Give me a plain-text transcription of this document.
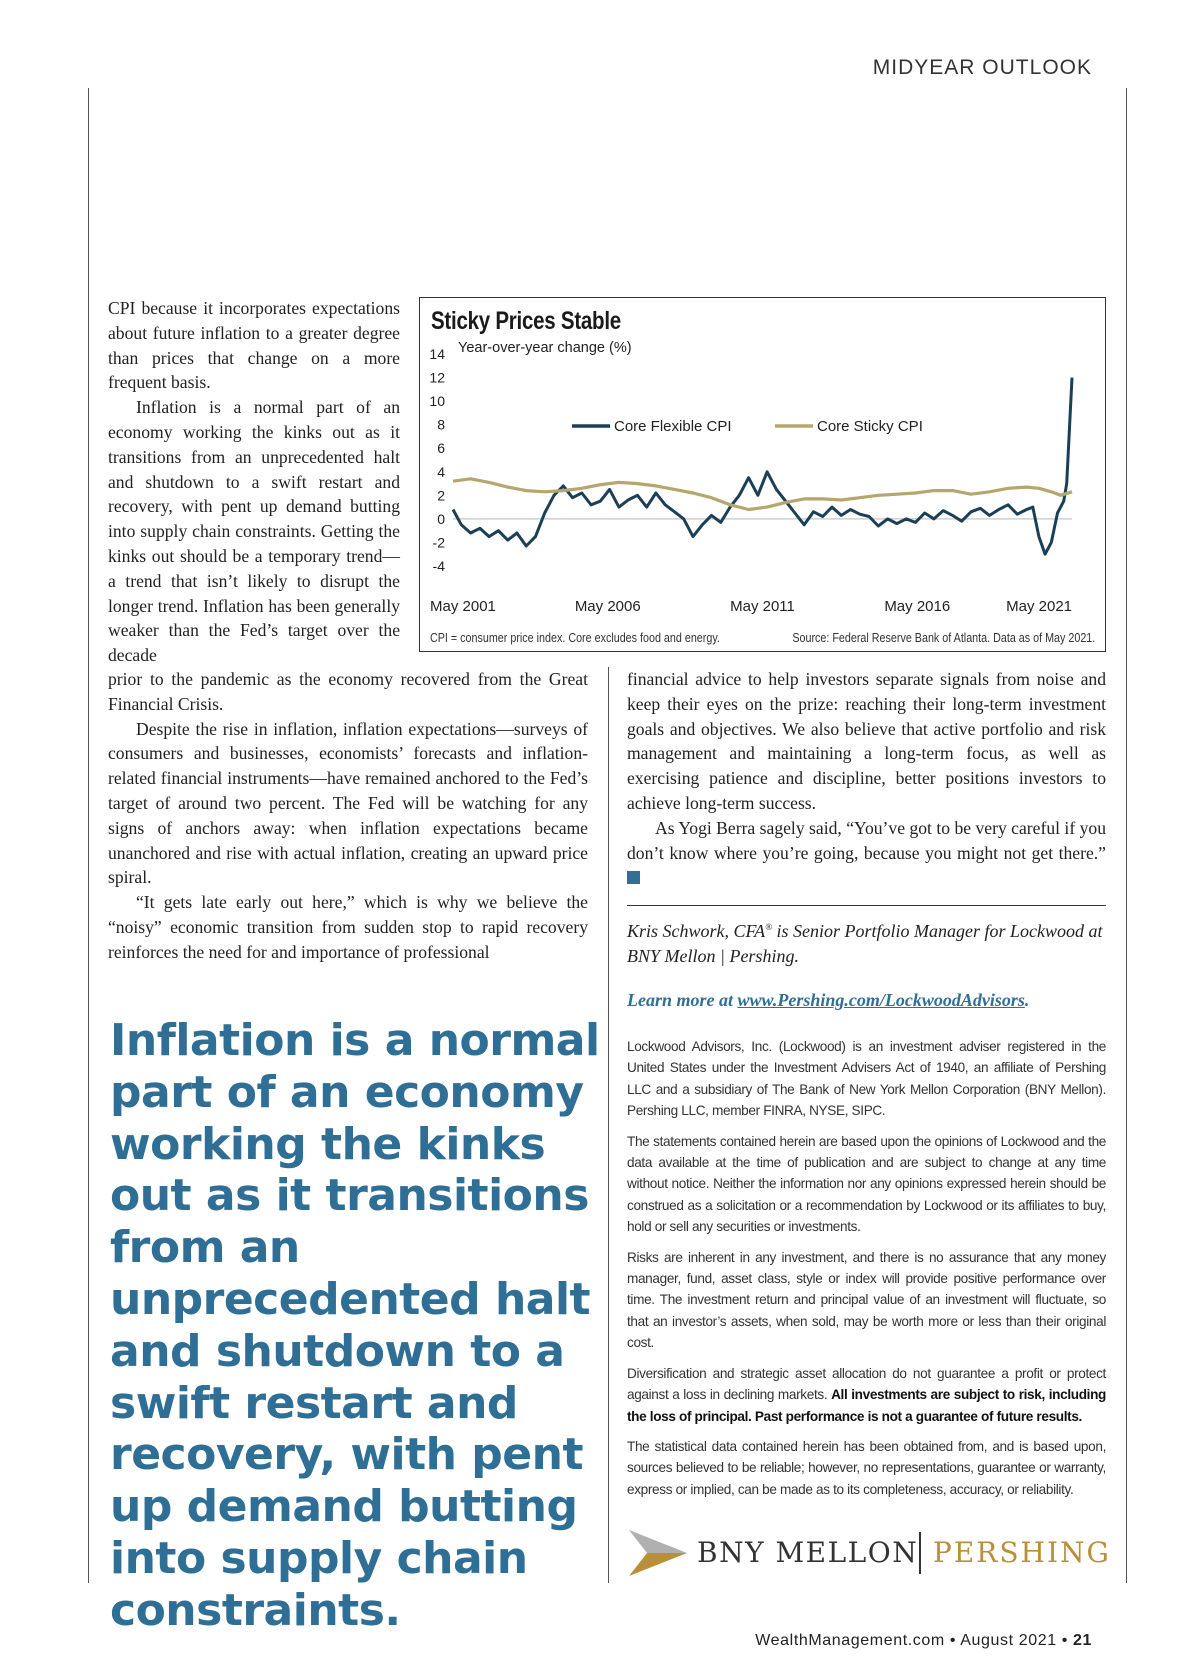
MIDYEAR OUTLOOK

CPI because it incorporates expectations about future inflation to a greater degree than prices that change on a more frequent basis.

Inflation is a normal part of an economy working the kinks out as it transitions from an unprecedented halt and shutdown to a swift restart and recovery, with pent up demand butting into supply chain constraints. Getting the kinks out should be a temporary trend—a trend that isn’t likely to disrupt the longer trend. Inflation has been generally weaker than the Fed’s target over the decade

14
12
10
8
6
4
2
0
-2
-4
Year-over-year change (%)
May 2001	May 2006	May 2011	May 2016	May 2021
Core Flexible CPI	Core Sticky CPI
Sticky Prices Stable
CPI = consumer price index. Core excludes food and energy.	Source: Federal Reserve Bank of Atlanta. Data as of May 2021.

prior to the pandemic as the economy recovered from the Great Financial Crisis.

Despite the rise in inflation, inflation expectations—surveys of consumers and businesses, economists’ forecasts and inflation-related financial instruments—have remained anchored to the Fed’s target of around two percent. The Fed will be watching for any signs of anchors away: when inflation expectations became unanchored and rise with actual inflation, creating an upward price spiral.

“It gets late early out here,” which is why we believe the “noisy” economic transition from sudden stop to rapid recovery reinforces the need for and importance of professional

financial advice to help investors separate signals from noise and keep their eyes on the prize: reaching their long-term investment goals and objectives. We also believe that active portfolio and risk management and maintaining a long-term focus, as well as exercising patience and discipline, better positions investors to achieve long-term success.

As Yogi Berra sagely said, “You’ve got to be very careful if you don’t know where you’re going, because you might not get there.”

Kris Schwork, CFA® is Senior Portfolio Manager for Lockwood at BNY Mellon | Pershing.
Learn more at www.Pershing.com/LockwoodAdvisors.
Inflation is a normal part of an economy working the kinks out as it transitions from an unprecedented halt and shutdown to a swift restart and recovery, with pent up demand butting into supply chain constraints.

Lockwood Advisors, Inc. (Lockwood) is an investment adviser registered in the United States under the Investment Advisers Act of 1940, an affiliate of Pershing LLC and a subsidiary of The Bank of New York Mellon Corporation (BNY Mellon). Pershing LLC, member FINRA, NYSE, SIPC.

The statements contained herein are based upon the opinions of Lockwood and the data available at the time of publication and are subject to change at any time without notice. Neither the information nor any opinions expressed herein should be construed as a solicitation or a recommendation by Lockwood or its affiliates to buy, hold or sell any securities or investments.

Risks are inherent in any investment, and there is no assurance that any money manager, fund, asset class, style or index will provide positive performance over time. The investment return and principal value of an investment will fluctuate, so that an investor’s assets, when sold, may be worth more or less than their original cost.

Diversification and strategic asset allocation do not guarantee a profit or protect against a loss in declining markets. All investments are subject to risk, including the loss of principal. Past performance is not a guarantee of future results.

The statistical data contained herein has been obtained from, and is based upon, sources believed to be reliable; however, no representations, guarantee or warranty, express or implied, can be made as to its completeness, accuracy, or reliability.

BNY MELLON PERSHING
WealthManagement.com • August 2021 • 21
